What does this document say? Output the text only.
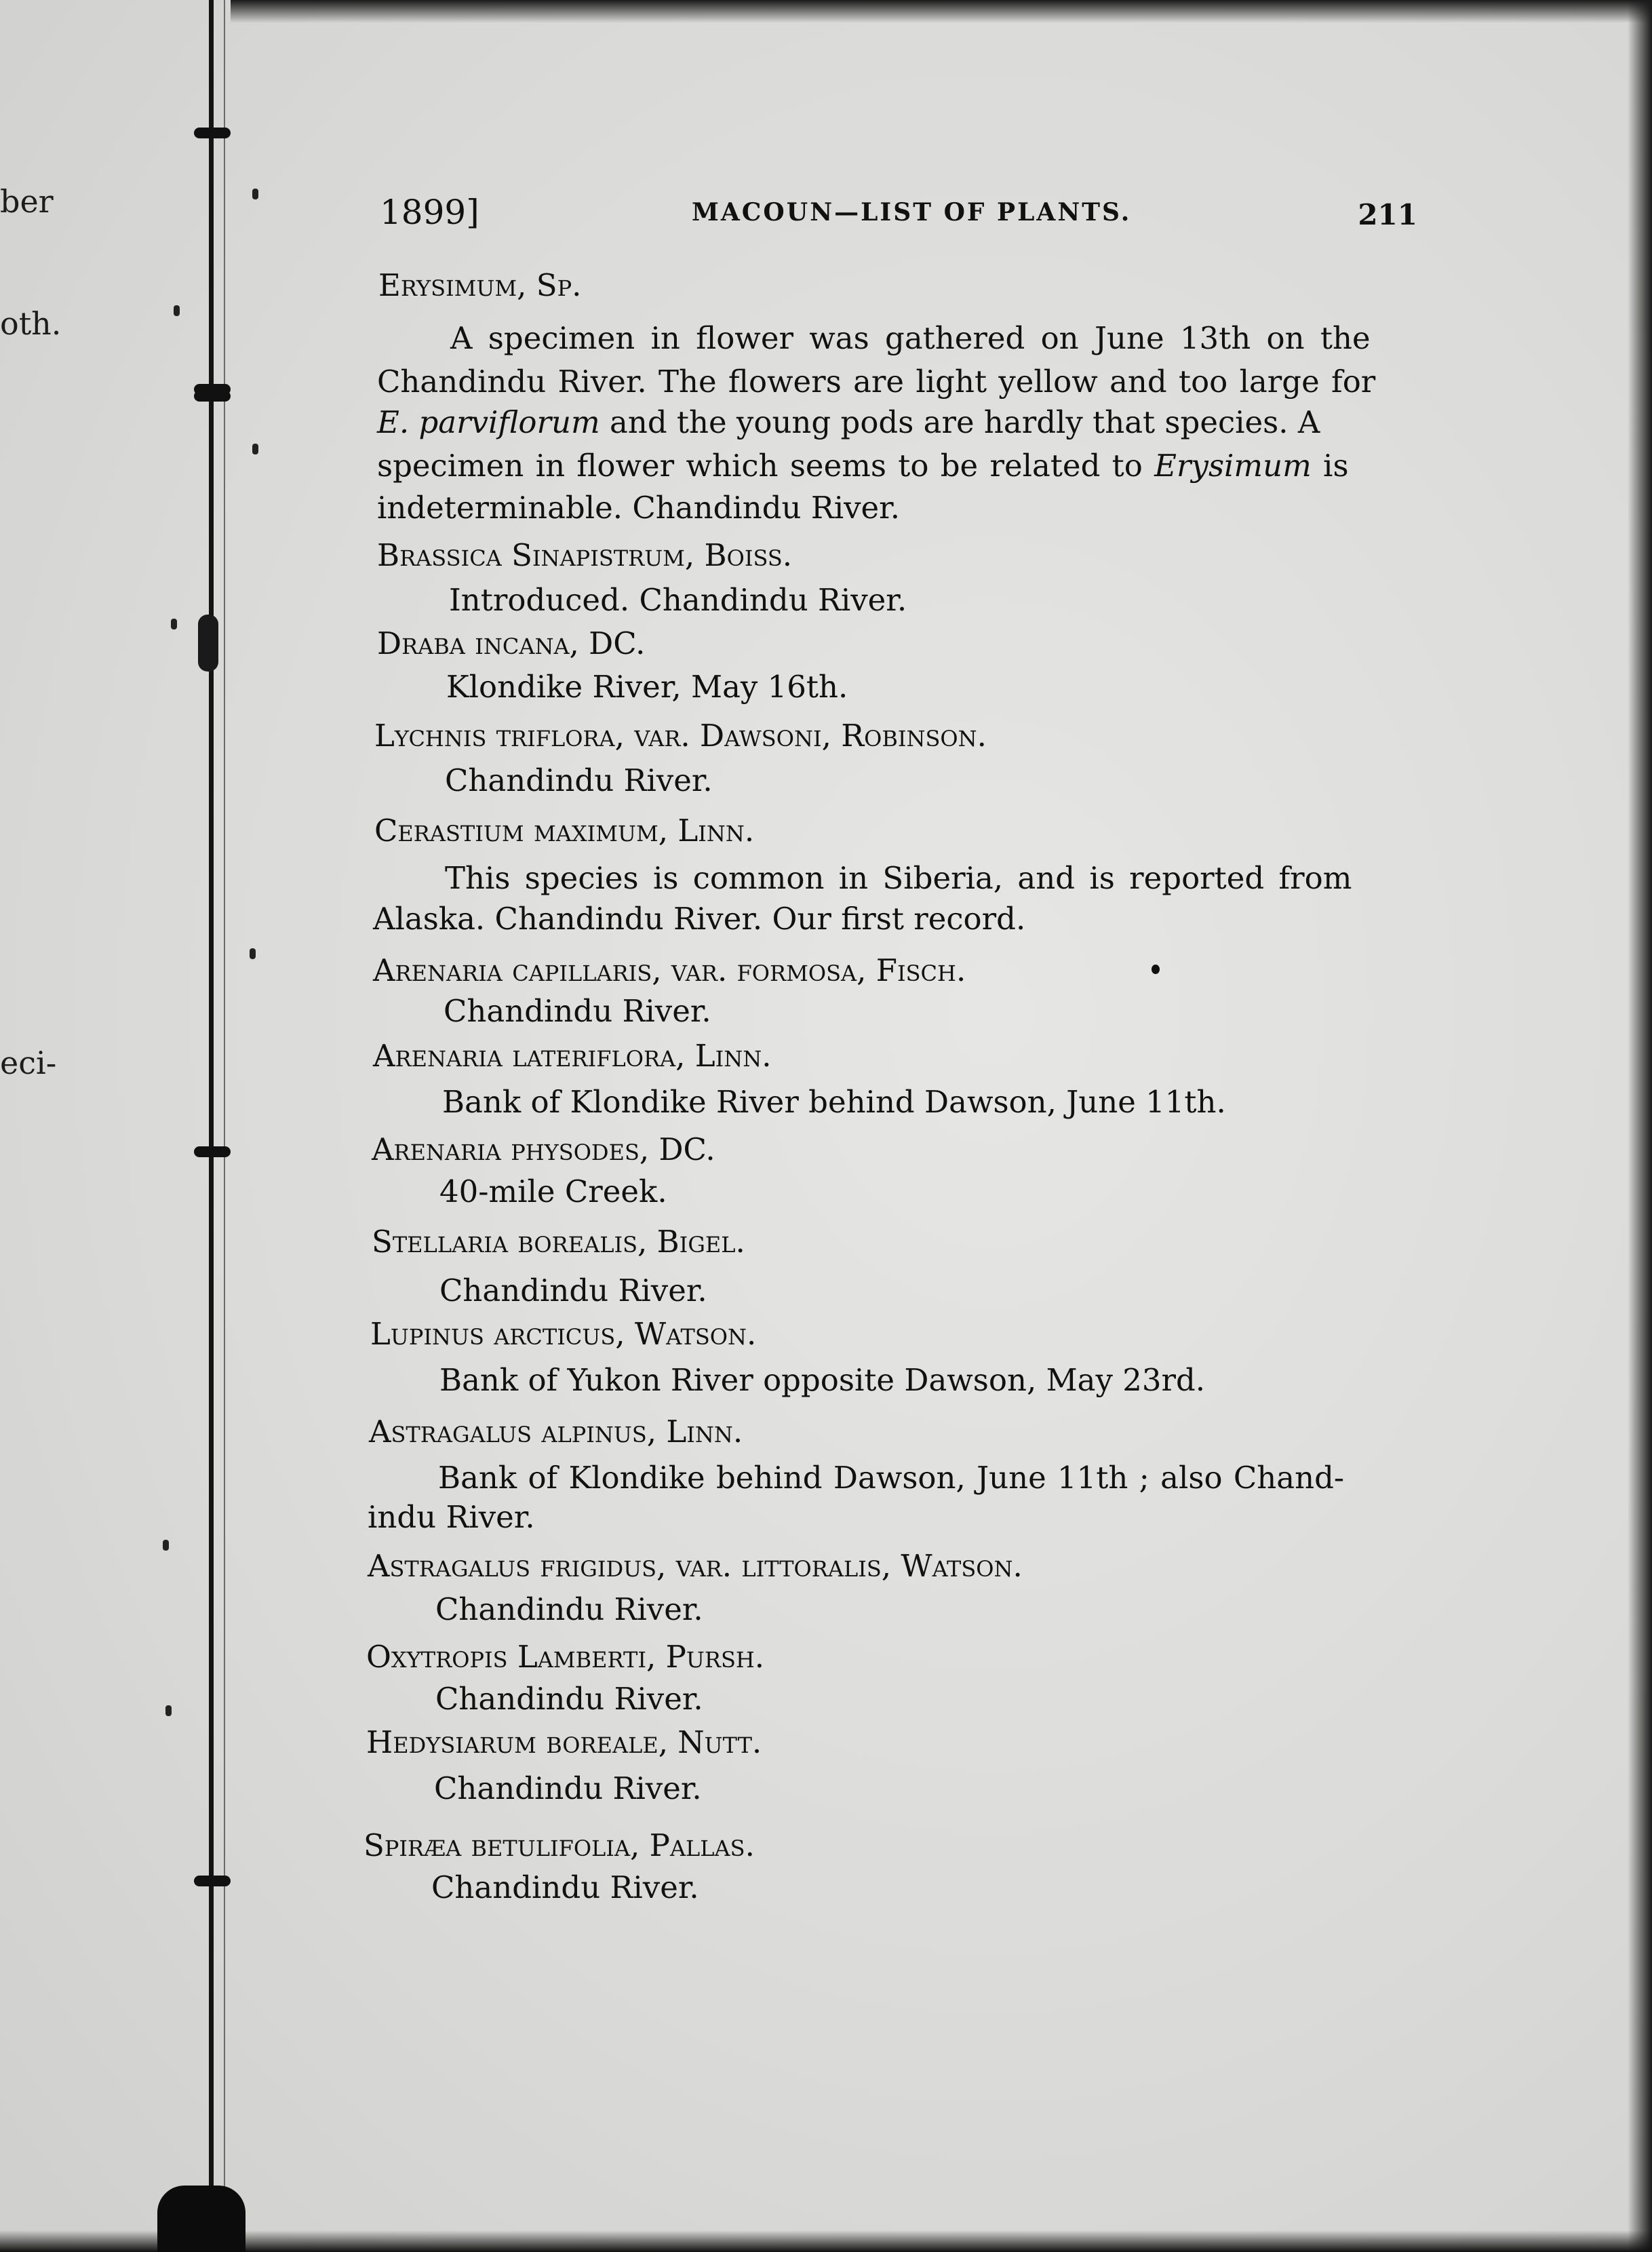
ber
oth.
eci-
1899]	MACOUN—LIST OF PLANTS.	211
Erysimum, Sp.
A specimen in flower was gathered on June 13th on the
Chandindu River. The flowers are light yellow and too large for
E. parviflorum and the young pods are hardly that species. A
specimen in flower which seems to be related to Erysimum is
indeterminable. Chandindu River.
Brassica Sinapistrum, Boiss.
Introduced. Chandindu River.
Draba incana, DC.
Klondike River, May 16th.
Lychnis triflora, var. Dawsoni, Robinson.
Chandindu River.
Cerastium maximum, Linn.
This species is common in Siberia, and is reported from
Alaska. Chandindu River. Our first record.
Arenaria capillaris, var. formosa, Fisch.
Chandindu River.
Arenaria lateriflora, Linn.
Bank of Klondike River behind Dawson, June 11th.
Arenaria physodes, DC.
40-mile Creek.
Stellaria borealis, Bigel.
Chandindu River.
Lupinus arcticus, Watson.
Bank of Yukon River opposite Dawson, May 23rd.
Astragalus alpinus, Linn.
Bank of Klondike behind Dawson, June 11th ; also Chand-
indu River.
Astragalus frigidus, var. littoralis, Watson.
Chandindu River.
Oxytropis Lamberti, Pursh.
Chandindu River.
Hedysiarum boreale, Nutt.
Chandindu River.
Spiræa betulifolia, Pallas.
Chandindu River.
